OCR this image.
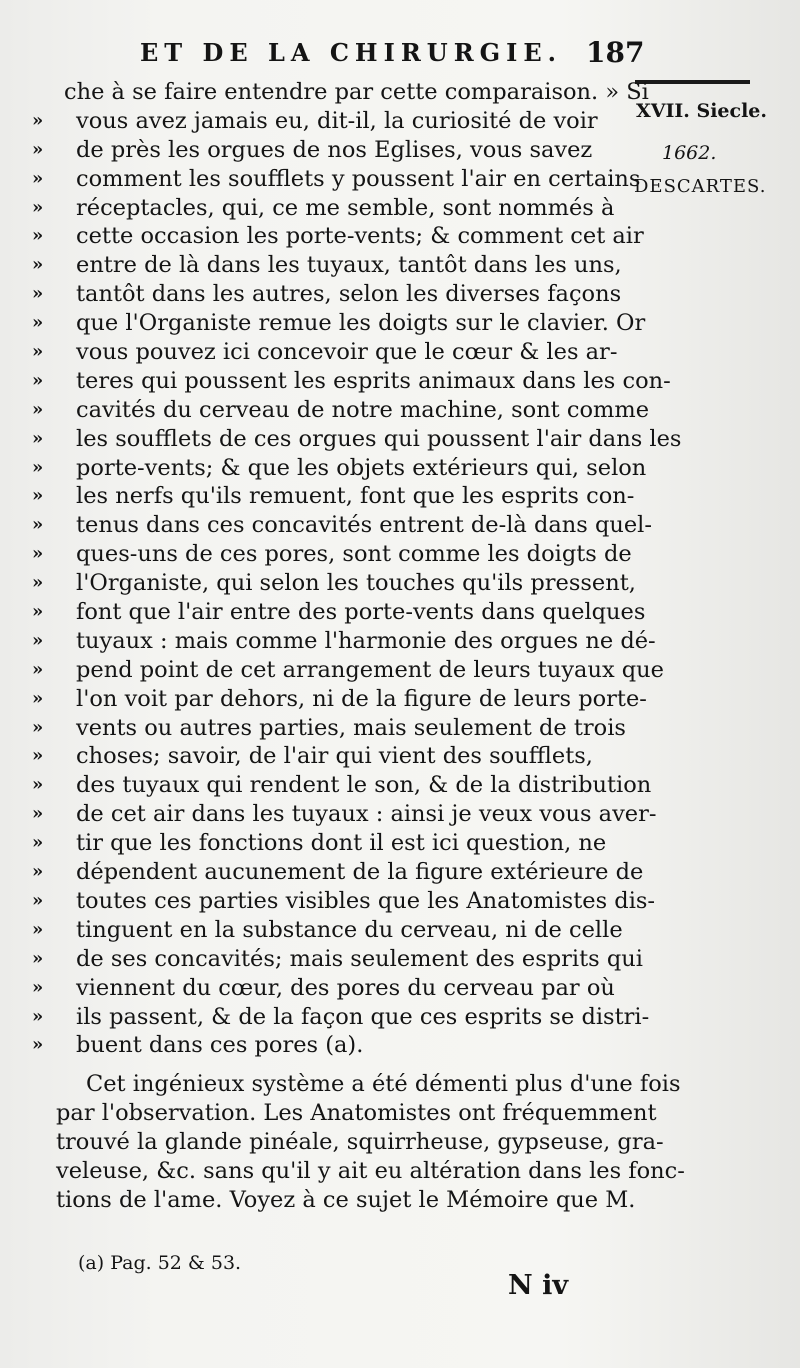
ET DE LA CHIRURGIE. 187
XVII. Siecle.
1662.
DESCARTES.
che à se faire entendre par cette comparaison. » Si
» vous avez jamais eu, dit-il, la curiosité de voir
» de près les orgues de nos Eglises, vous savez
» comment les soufflets y poussent l'air en certains
» réceptacles, qui, ce me semble, sont nommés à
» cette occasion les porte-vents; & comment cet air
» entre de là dans les tuyaux, tantôt dans les uns,
» tantôt dans les autres, selon les diverses façons
» que l'Organiste remue les doigts sur le clavier. Or
» vous pouvez ici concevoir que le cœur & les ar-
» teres qui poussent les esprits animaux dans les con-
» cavités du cerveau de notre machine, sont comme
» les soufflets de ces orgues qui poussent l'air dans les
» porte-vents; & que les objets extérieurs qui, selon
» les nerfs qu'ils remuent, font que les esprits con-
» tenus dans ces concavités entrent de-là dans quel-
» ques-uns de ces pores, sont comme les doigts de
» l'Organiste, qui selon les touches qu'ils pressent,
» font que l'air entre des porte-vents dans quelques
» tuyaux : mais comme l'harmonie des orgues ne dé-
» pend point de cet arrangement de leurs tuyaux que
» l'on voit par dehors, ni de la figure de leurs porte-
» vents ou autres parties, mais seulement de trois
» choses; savoir, de l'air qui vient des soufflets,
» des tuyaux qui rendent le son, & de la distribution
» de cet air dans les tuyaux : ainsi je veux vous aver-
» tir que les fonctions dont il est ici question, ne
» dépendent aucunement de la figure extérieure de
» toutes ces parties visibles que les Anatomistes dis-
» tinguent en la substance du cerveau, ni de celle
» de ses concavités; mais seulement des esprits qui
» viennent du cœur, des pores du cerveau par où
» ils passent, & de la façon que ces esprits se distri-
» buent dans ces pores (a).
Cet ingénieux système a été démenti plus d'une fois
par l'observation. Les Anatomistes ont fréquemment
trouvé la glande pinéale, squirrheuse, gypseuse, gra-
veleuse, &c. sans qu'il y ait eu altération dans les fonc-
tions de l'ame. Voyez à ce sujet le Mémoire que M.
(a) Pag. 52 & 53.
N iv
